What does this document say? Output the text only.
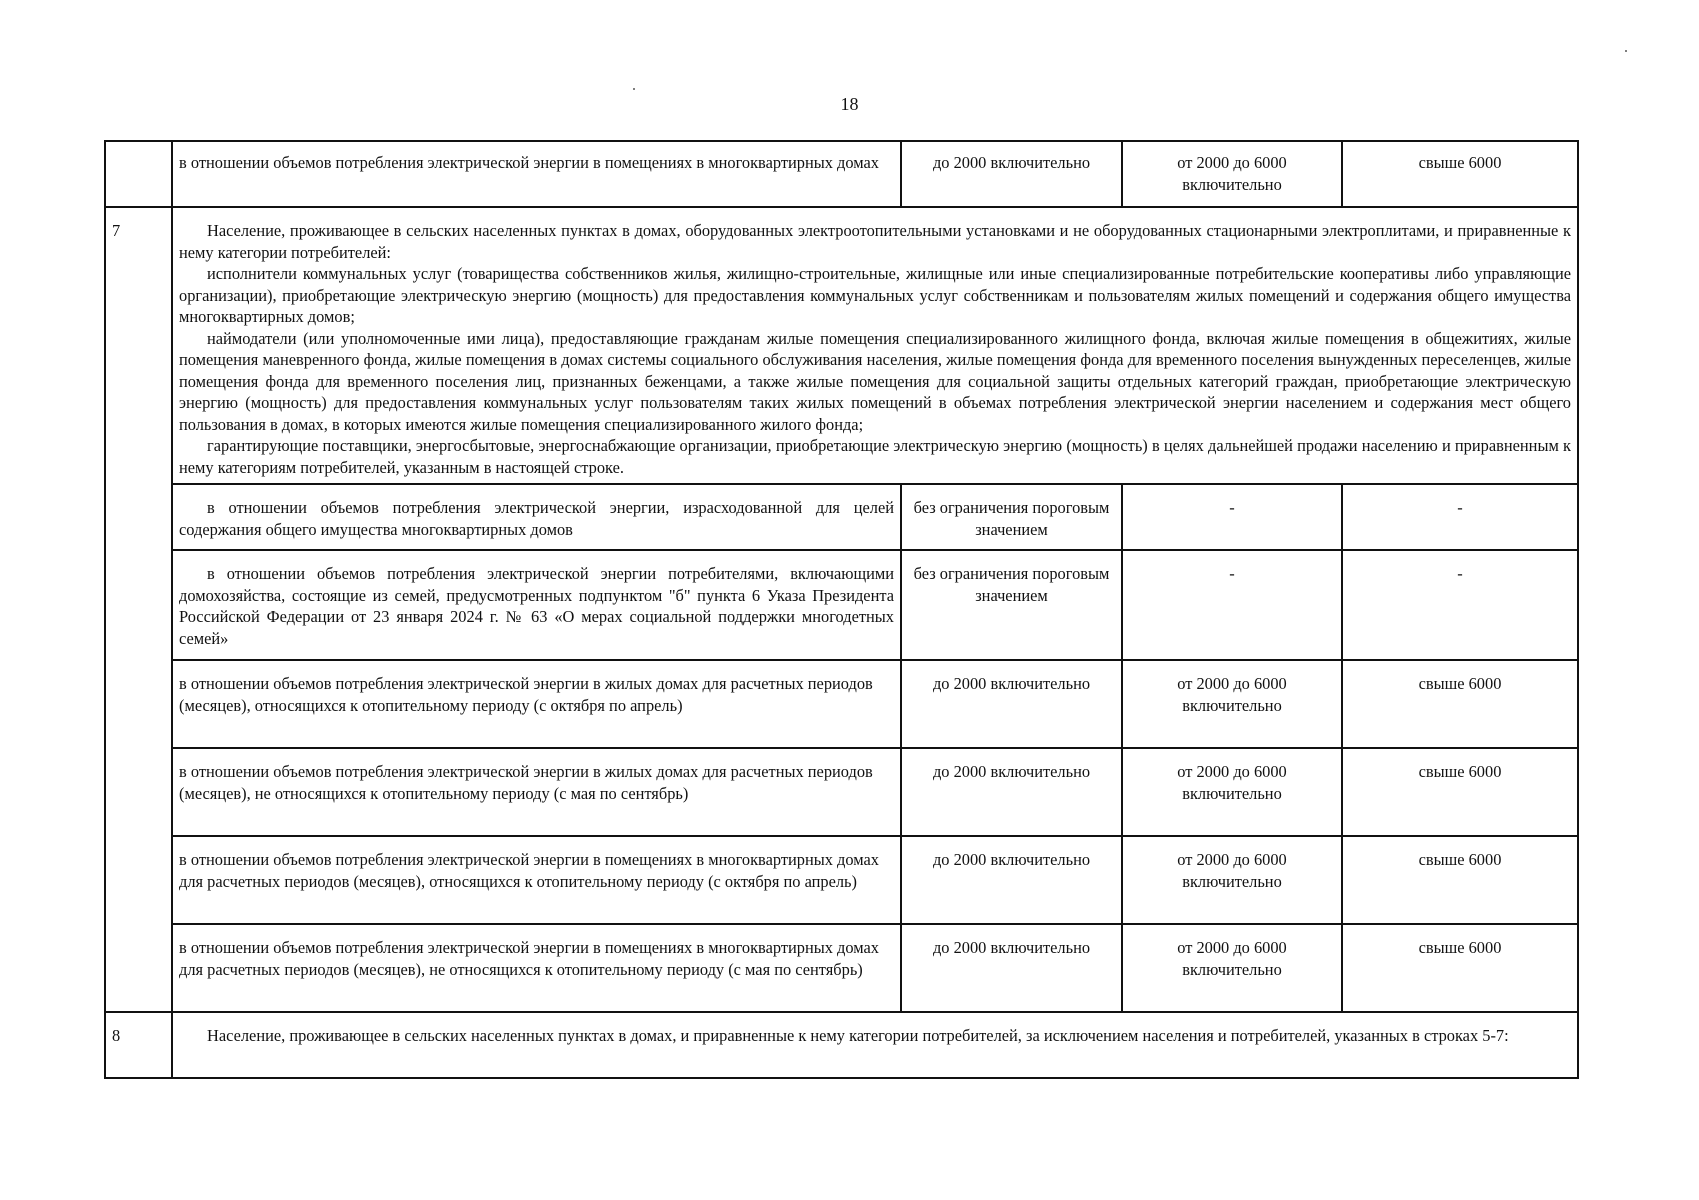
18
	в отношении объемов потребления электрической энергии в помещениях в многоквартирных домах	до 2000 включительно	от 2000 до 6000 включительно	свыше 6000
7	Население, проживающее в сельских населенных пунктах в домах, оборудованных электроотопительными установками и не оборудованных стационарными электроплитами, и приравненные к нему категории потребителей:

исполнители коммунальных услуг (товарищества собственников жилья, жилищно-строительные, жилищные или иные специализированные потребительские кооперативы либо управляющие организации), приобретающие электрическую энергию (мощность) для предоставления коммунальных услуг собственникам и пользователям жилых помещений и содержания общего имущества многоквартирных домов;

наймодатели (или уполномоченные ими лица), предоставляющие гражданам жилые помещения специализированного жилищного фонда, включая жилые помещения в общежитиях, жилые помещения маневренного фонда, жилые помещения в домах системы социального обслуживания населения, жилые помещения фонда для временного поселения вынужденных переселенцев, жилые помещения фонда для временного поселения лиц, признанных беженцами, а также жилые помещения для социальной защиты отдельных категорий граждан, приобретающие электрическую энергию (мощность) для предоставления коммунальных услуг пользователям таких жилых помещений в объемах потребления электрической энергии населением и содержания мест общего пользования в домах, в которых имеются жилые помещения специализированного жилого фонда;

гарантирующие поставщики, энергосбытовые, энергоснабжающие организации, приобретающие электрическую энергию (мощность) в целях дальнейшей продажи населению и приравненным к нему категориям потребителей, указанным в настоящей строке.			

	в отношении объемов потребления электрической энергии, израсходованной для целей содержания общего имущества многоквартирных домов	без ограничения пороговым значением	-	-
	в отношении объемов потребления электрической энергии потребителями, включающими домохозяйства, состоящие из семей, предусмотренных подпунктом "б" пункта 6 Указа Президента Российской Федерации от 23 января 2024 г. № 63 «О мерах социальной поддержки многодетных семей»	без ограничения пороговым значением	-	-
	в отношении объемов потребления электрической энергии в жилых домах для расчетных периодов (месяцев), относящихся к отопительному периоду (с октября по апрель)	до 2000 включительно	от 2000 до 6000 включительно	свыше 6000
	в отношении объемов потребления электрической энергии в жилых домах для расчетных периодов (месяцев), не относящихся к отопительному периоду (с мая по сентябрь)	до 2000 включительно	от 2000 до 6000 включительно	свыше 6000
	в отношении объемов потребления электрической энергии в помещениях в многоквартирных домах для расчетных периодов (месяцев), относящихся к отопительному периоду (с октября по апрель)	до 2000 включительно	от 2000 до 6000 включительно	свыше 6000
	в отношении объемов потребления электрической энергии в помещениях в многоквартирных домах для расчетных периодов (месяцев), не относящихся к отопительному периоду (с мая по сентябрь)	до 2000 включительно	от 2000 до 6000 включительно	свыше 6000
8	Население, проживающее в сельских населенных пунктах в домах, и приравненные к нему категории потребителей, за исключением населения и потребителей, указанных в строках 5-7:			
